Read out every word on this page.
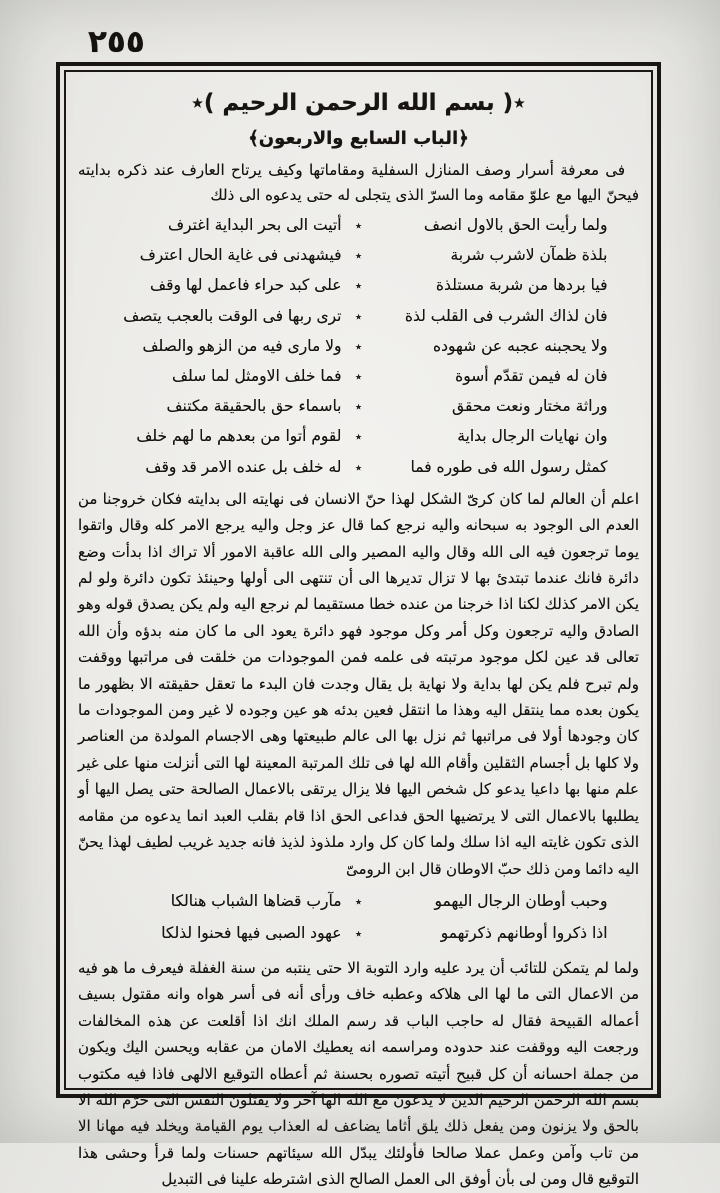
٢٥٥
٭( بسم الله الرحمن الرحيم )٭
﴿الباب السابع والاربعون﴾

فى معرفة أسرار وصف المنازل السفلية ومقاماتها وكيف يرتاح العارف عند ذكره بدايته فيحنّ اليها مع علوّ مقامه وما السرّ الذى يتجلى له حتى يدعوه الى ذلك

ولما رأيت الحق بالاول انصف
٭
أتيت الى بحر البداية اغترف
بلذة ظمآن لاشرب شربة
٭
فيشهدنى فى غاية الحال اعترف
فيا بردها من شربة مستلذة
٭
على كبد حراء فاعمل لها وقف
فان لذاك الشرب فى القلب لذة
٭
ترى ربها فى الوقت بالعجب يتصف
ولا يحجبنه عجبه عن شهوده
٭
ولا مارى فيه من الزهو والصلف
فان له فيمن تقدّم أسوة
٭
فما خلف الاومثل لما سلف
وراثة مختار ونعت محقق
٭
باسماء حق بالحقيقة مكتنف
وان نهايات الرجال بداية
٭
لقوم أتوا من بعدهم ما لهم خلف
كمثل رسول الله فى طوره فما
٭
له خلف بل عنده الامر قد وقف

اعلم أن العالم لما كان كرىّ الشكل لهذا حنّ الانسان فى نهايته الى بدايته فكان خروجنا من العدم الى الوجود به سبحانه واليه نرجع كما قال عز وجل واليه يرجع الامر كله وقال واتقوا يوما ترجعون فيه الى الله وقال واليه المصير والى الله عاقبة الامور ألا تراك اذا بدأت وضع دائرة فانك عندما تبتدئ بها لا تزال تديرها الى أن تنتهى الى أولها وحينئذ تكون دائرة ولو لم يكن الامر كذلك لكنا اذا خرجنا من عنده خطا مستقيما لم نرجع اليه ولم يكن يصدق قوله وهو الصادق واليه ترجعون وكل أمر وكل موجود فهو دائرة يعود الى ما كان منه بدؤه وأن الله تعالى قد عين لكل موجود مرتبته فى علمه فمن الموجودات من خلقت فى مراتبها ووقفت ولم تبرح فلم يكن لها بداية ولا نهاية بل يقال وجدت فان البدء ما تعقل حقيقته الا بظهور ما يكون بعده مما ينتقل اليه وهذا ما انتقل فعين بدئه هو عين وجوده لا غير ومن الموجودات ما كان وجودها أولا فى مراتبها ثم نزل بها الى عالم طبيعتها وهى الاجسام المولدة من العناصر ولا كلها بل أجسام الثقلين وأقام الله لها فى تلك المرتبة المعينة لها التى أنزلت منها على غير علم منها بها داعيا يدعو كل شخص اليها فلا يزال يرتقى بالاعمال الصالحة حتى يصل اليها أو يطلبها بالاعمال التى لا يرتضيها الحق فداعى الحق اذا قام بقلب العبد انما يدعوه من مقامه الذى تكون غايته اليه اذا سلك ولما كان كل وارد ملذوذ لذيذ فانه جديد غريب لطيف لهذا يحنّ اليه دائما ومن ذلك حبّ الاوطان قال ابن الرومىّ

وحبب أوطان الرجال اليهمو
٭
مآرب قضاها الشباب هنالكا
اذا ذكروا أوطانهم ذكرتهمو
٭
عهود الصبى فيها فحنوا لذلكا

ولما لم يتمكن للتائب أن يرد عليه وارد التوبة الا حتى ينتبه من سنة الغفلة فيعرف ما هو فيه من الاعمال التى ما لها الى هلاكه وعطبه خاف ورأى أنه فى أسر هواه وانه مقتول بسيف أعماله القبيحة فقال له حاجب الباب قد رسم الملك انك اذا أقلعت عن هذه المخالفات ورجعت اليه ووقفت عند حدوده ومراسمه انه يعطيك الامان من عقابه ويحسن اليك ويكون من جملة احسانه أن كل قبيح أتيته تصوره بحسنة ثم أعطاه التوقيع الالهى فاذا فيه مكتوب بسم الله الرحمن الرحيم الذين لا يدعون مع الله الها آخر ولا يقتلون النفس التى حرّم الله الا بالحق ولا يزنون ومن يفعل ذلك يلق أثاما يضاعف له العذاب يوم القيامة ويخلد فيه مهانا الا من تاب وآمن وعمل عملا صالحا فأولئك يبدّل الله سيئاتهم حسنات ولما قرأ وحشى هذا التوقيع قال ومن لى بأن أوفق الى العمل الصالح الذى اشترطه علينا فى التبديل
